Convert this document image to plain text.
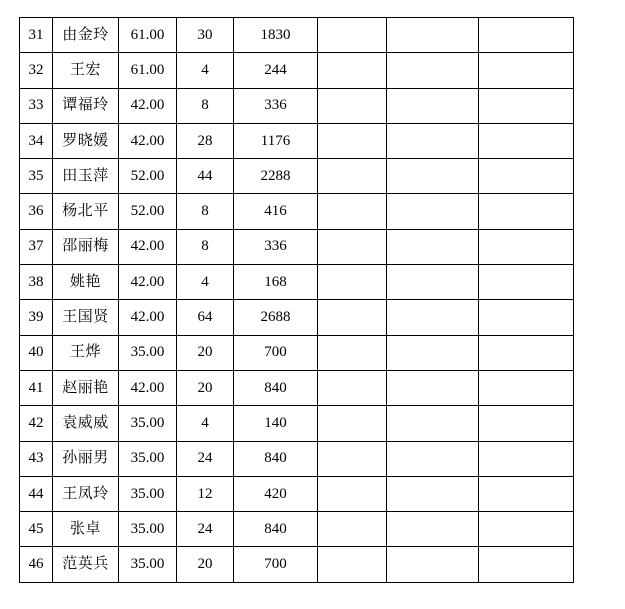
31	由金玲	61.00	30	1830			
32	王宏	61.00	4	244			
33	谭福玲	42.00	8	336			
34	罗晓媛	42.00	28	1176			
35	田玉萍	52.00	44	2288			
36	杨北平	52.00	8	416			
37	邵丽梅	42.00	8	336			
38	姚艳	42.00	4	168			
39	王国贤	42.00	64	2688			
40	王烨	35.00	20	700			
41	赵丽艳	42.00	20	840			
42	袁威威	35.00	4	140			
43	孙丽男	35.00	24	840			
44	王凤玲	35.00	12	420			
45	张卓	35.00	24	840			
46	范英兵	35.00	20	700			
